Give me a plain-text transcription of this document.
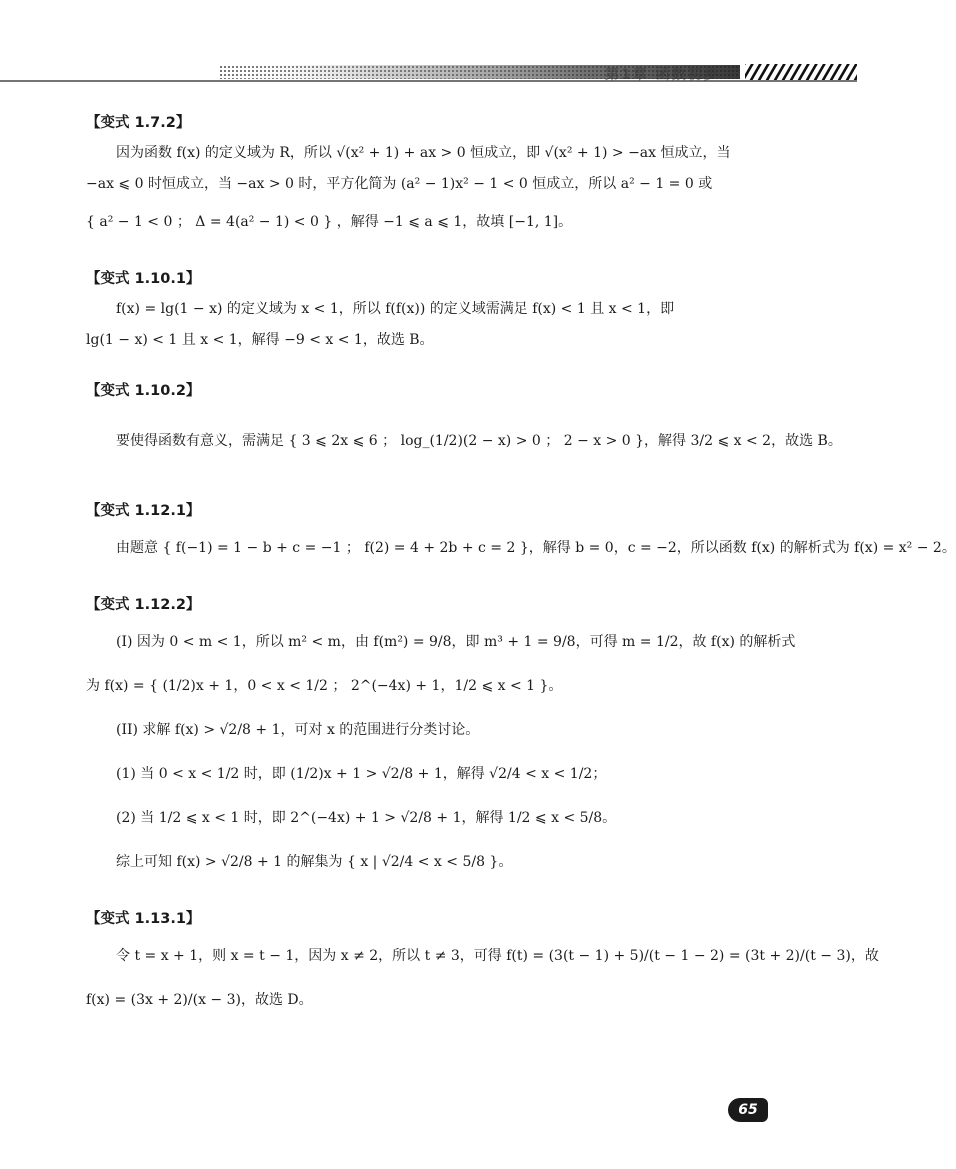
第1章 函数初步
【变式 1.7.2】
因为函数 f(x) 的定义域为 R，所以 √(x² + 1) + ax > 0 恒成立，即 √(x² + 1) > −ax 恒成立，当
−ax ⩽ 0 时恒成立，当 −ax > 0 时，平方化简为 (a² − 1)x² − 1 < 0 恒成立，所以 a² − 1 = 0 或
{ a² − 1 < 0 ； Δ = 4(a² − 1) < 0 } ，解得 −1 ⩽ a ⩽ 1，故填 [−1, 1]。
【变式 1.10.1】
f(x) = lg(1 − x) 的定义域为 x < 1，所以 f(f(x)) 的定义域需满足 f(x) < 1 且 x < 1，即
lg(1 − x) < 1 且 x < 1，解得 −9 < x < 1，故选 B。
【变式 1.10.2】
要使得函数有意义，需满足 { 3 ⩽ 2x ⩽ 6 ； log_(1/2)(2 − x) > 0 ； 2 − x > 0 }，解得 3/2 ⩽ x < 2，故选 B。
【变式 1.12.1】
由题意 { f(−1) = 1 − b + c = −1 ； f(2) = 4 + 2b + c = 2 }，解得 b = 0，c = −2，所以函数 f(x) 的解析式为 f(x) = x² − 2。
【变式 1.12.2】
(I) 因为 0 < m < 1，所以 m² < m，由 f(m²) = 9/8，即 m³ + 1 = 9/8，可得 m = 1/2，故 f(x) 的解析式
为 f(x) = { (1/2)x + 1，0 < x < 1/2 ； 2^(−4x) + 1，1/2 ⩽ x < 1 }。
(II) 求解 f(x) > √2/8 + 1，可对 x 的范围进行分类讨论。
(1) 当 0 < x < 1/2 时，即 (1/2)x + 1 > √2/8 + 1，解得 √2/4 < x < 1/2；
(2) 当 1/2 ⩽ x < 1 时，即 2^(−4x) + 1 > √2/8 + 1，解得 1/2 ⩽ x < 5/8。
综上可知 f(x) > √2/8 + 1 的解集为 { x | √2/4 < x < 5/8 }。
【变式 1.13.1】
令 t = x + 1，则 x = t − 1，因为 x ≠ 2，所以 t ≠ 3，可得 f(t) = (3(t − 1) + 5)/(t − 1 − 2) = (3t + 2)/(t − 3)，故
f(x) = (3x + 2)/(x − 3)，故选 D。
65
